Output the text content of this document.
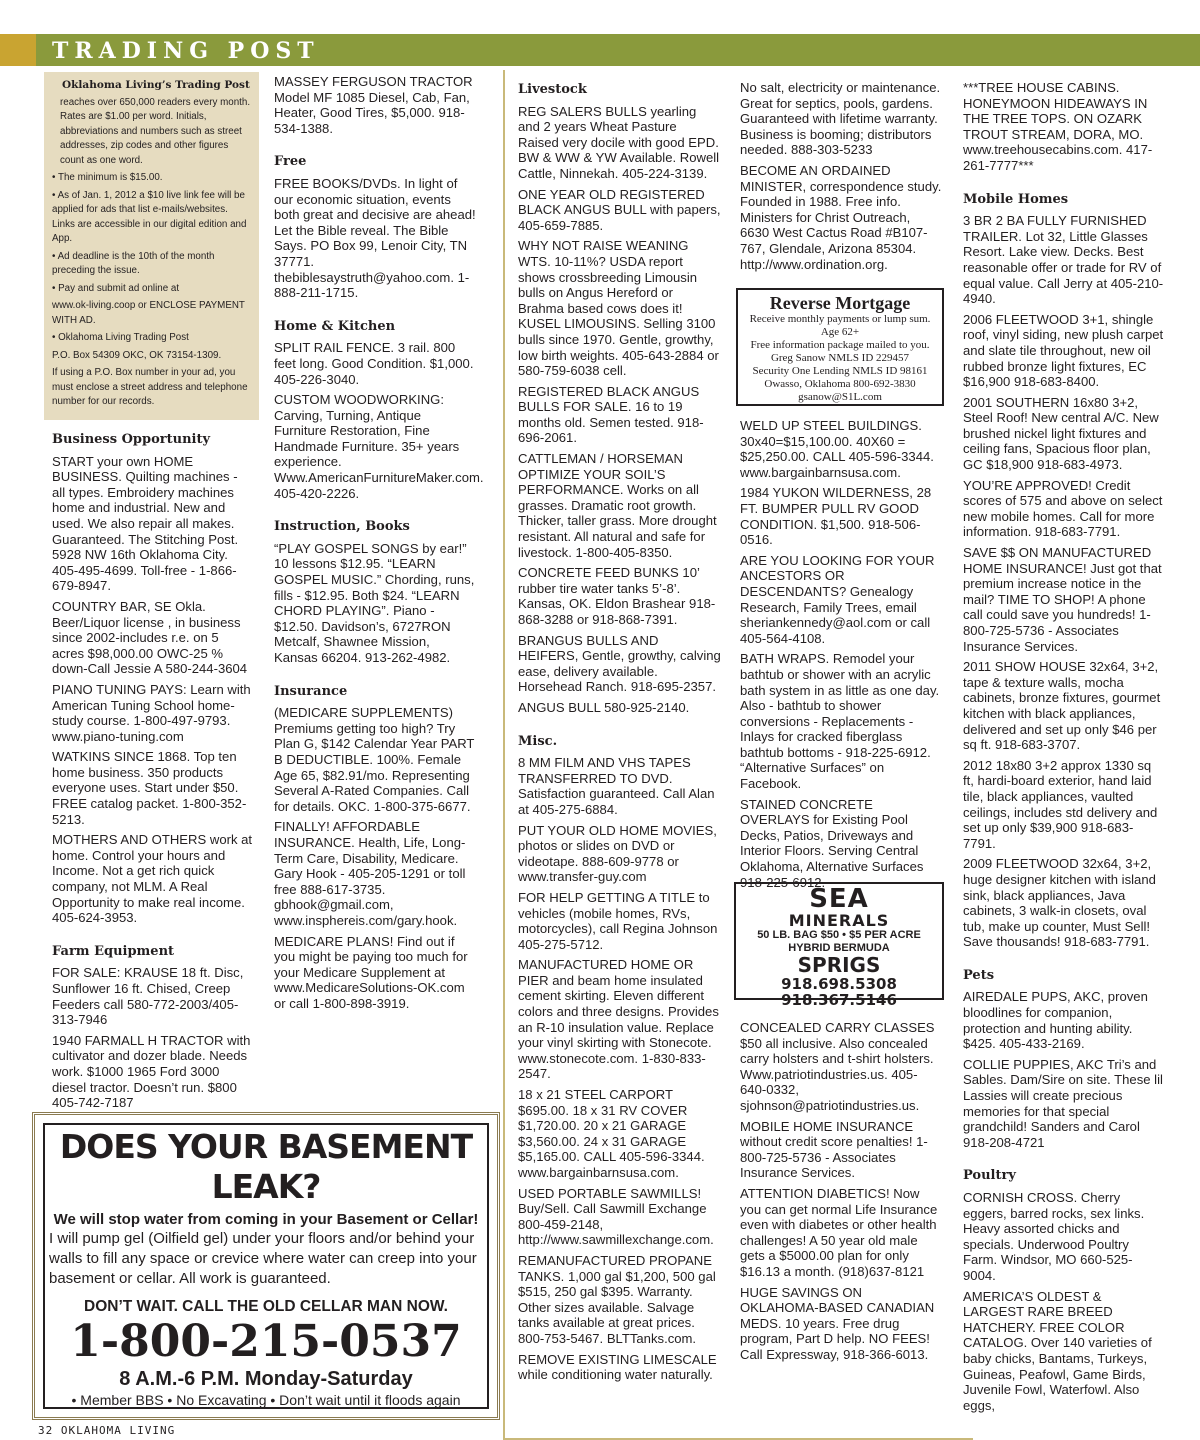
TRADING POST

Oklahoma Living’s Trading Post

reaches over 650,000 readers every month. Rates are $1.00 per word. Initials, abbreviations and numbers such as street addresses, zip codes and other figures count as one word.

• The minimum is $15.00.

• As of Jan. 1, 2012 a $10 live link fee will be applied for ads that list e-mails/websites. Links are accessible in our digital edition and App.

• Ad deadline is the 10th of the month preceding the issue.

• Pay and submit ad online at

www.ok-living.coop or ENCLOSE PAYMENT WITH AD.

• Oklahoma Living Trading Post

P.O. Box 54309 OKC, OK 73154-1309.

If using a P.O. Box number in your ad, you must enclose a street address and telephone number for our records.

Business Opportunity

START your own HOME BUSINESS. Quilting machines - all types. Embroidery machines home and industrial. New and used. We also repair all makes. Guaranteed. The Stitching Post. 5928 NW 16th Oklahoma City. 405-495-4699. Toll-free - 1-866-679-8947.

COUNTRY BAR, SE Okla. Beer/Liquor license , in business since 2002-includes r.e. on 5 acres $98,000.00 OWC-25 % down-Call Jessie A 580-244-3604

PIANO TUNING PAYS: Learn with American Tuning School home-study course. 1-800-497-9793. www.piano-tuning.com

WATKINS SINCE 1868. Top ten home business. 350 products everyone uses. Start under $50. FREE catalog packet. 1-800-352-5213.

MOTHERS AND OTHERS work at home. Control your hours and Income. Not a get rich quick company, not MLM. A Real Opportunity to make real income. 405-624-3953.

Farm Equipment

FOR SALE: KRAUSE 18 ft. Disc, Sunflower 16 ft. Chised, Creep Feeders call 580-772-2003/405-313-7946

1940 FARMALL H TRACTOR with cultivator and dozer blade. Needs work. $1000 1965 Ford 3000 diesel tractor. Doesn’t run. $800 405-742-7187

MASSEY FERGUSON TRACTOR Model MF 1085 Diesel, Cab, Fan, Heater, Good Tires, $5,000. 918-534-1388.

Free

FREE BOOKS/DVDs. In light of our economic situation, events both great and decisive are ahead! Let the Bible reveal. The Bible Says. PO Box 99, Lenoir City, TN 37771. thebiblesaystruth@yahoo.com. 1-888-211-1715.

Home & Kitchen

SPLIT RAIL FENCE. 3 rail. 800 feet long. Good Condition. $1,000. 405-226-3040.

CUSTOM WOODWORKING: Carving, Turning, Antique Furniture Restoration, Fine Handmade Furniture. 35+ years experience. Www.AmericanFurnitureMaker.com. 405-420-2226.

Instruction, Books

“PLAY GOSPEL SONGS by ear!” 10 lessons $12.95. “LEARN GOSPEL MUSIC.” Chording, runs, fills - $12.95. Both $24. “LEARN CHORD PLAYING”. Piano - $12.50. Davidson’s, 6727RON Metcalf, Shawnee Mission, Kansas 66204. 913-262-4982.

Insurance

(MEDICARE SUPPLEMENTS) Premiums getting too high? Try Plan G, $142 Calendar Year PART B DEDUCTIBLE. 100%. Female Age 65, $82.91/mo. Representing Several A-Rated Companies. Call for details. OKC. 1-800-375-6677.

FINALLY! AFFORDABLE INSURANCE. Health, Life, Long-Term Care, Disability, Medicare. Gary Hook - 405-205-1291 or toll free 888-617-3735. gbhook@gmail.com, www.insphereis.com/gary.hook.

MEDICARE PLANS! Find out if you might be paying too much for your Medicare Supplement at www.MedicareSolutions-OK.com or call 1-800-898-3919.

DOES YOUR BASEMENT LEAK?
We will stop water from coming in your Basement or Cellar!
I will pump gel (Oilfield gel) under your floors and/or behind your walls to fill any space or crevice where water can creep into your basement or cellar. All work is guaranteed.
DON’T WAIT. CALL THE OLD CELLAR MAN NOW.
1-800-215-0537
8 A.M.-6 P.M. Monday-Saturday
• Member BBS • No Excavating • Don’t wait until it floods again
Livestock

REG SALERS BULLS yearling and 2 years Wheat Pasture Raised very docile with good EPD. BW & WW & YW Available. Rowell Cattle, Ninnekah. 405-224-3139.

ONE YEAR OLD REGISTERED BLACK ANGUS BULL with papers, 405-659-7885.

WHY NOT RAISE WEANING WTS. 10-11%? USDA report shows crossbreeding Limousin bulls on Angus Hereford or Brahma based cows does it! KUSEL LIMOUSINS. Selling 3100 bulls since 1970. Gentle, growthy, low birth weights. 405-643-2884 or 580-759-6038 cell.

REGISTERED BLACK ANGUS BULLS FOR SALE. 16 to 19 months old. Semen tested. 918-696-2061.

CATTLEMAN / HORSEMAN OPTIMIZE YOUR SOIL’S PERFORMANCE. Works on all grasses. Dramatic root growth. Thicker, taller grass. More drought resistant. All natural and safe for livestock. 1-800-405-8350.

CONCRETE FEED BUNKS 10’ rubber tire water tanks 5’-8’. Kansas, OK. Eldon Brashear 918-868-3288 or 918-868-7391.

BRANGUS BULLS AND HEIFERS, Gentle, growthy, calving ease, delivery available. Horsehead Ranch. 918-695-2357.

ANGUS BULL 580-925-2140.

Misc.

8 MM FILM AND VHS TAPES TRANSFERRED TO DVD. Satisfaction guaranteed. Call Alan at 405-275-6884.

PUT YOUR OLD HOME MOVIES, photos or slides on DVD or videotape. 888-609-9778 or www.transfer-guy.com

FOR HELP GETTING A TITLE to vehicles (mobile homes, RVs, motorcycles), call Regina Johnson 405-275-5712.

MANUFACTURED HOME OR PIER and beam home insulated cement skirting. Eleven different colors and three designs. Provides an R-10 insulation value. Replace your vinyl skirting with Stonecote. www.stonecote.com. 1-830-833-2547.

18 x 21 STEEL CARPORT $695.00. 18 x 31 RV COVER $1,720.00. 20 x 21 GARAGE $3,560.00. 24 x 31 GARAGE $5,165.00. CALL 405-596-3344. www.bargainbarnsusa.com.

USED PORTABLE SAWMILLS! Buy/Sell. Call Sawmill Exchange 800-459-2148, http://www.sawmillexchange.com.

REMANUFACTURED PROPANE TANKS. 1,000 gal $1,200, 500 gal $515, 250 gal $395. Warranty. Other sizes available. Salvage tanks available at great prices. 800-753-5467. BLTTanks.com.

REMOVE EXISTING LIMESCALE while conditioning water naturally.

No salt, electricity or maintenance. Great for septics, pools, gardens. Guaranteed with lifetime warranty. Business is booming; distributors needed. 888-303-5233

BECOME AN ORDAINED MINISTER, correspondence study. Founded in 1988. Free info. Ministers for Christ Outreach, 6630 West Cactus Road #B107-767, Glendale, Arizona 85304. http://www.ordination.org.

Reverse Mortgage
Receive monthly payments or lump sum.
Age 62+
Free information package mailed to you.
Greg Sanow NMLS ID 229457
Security One Lending NMLS ID 98161
Owasso, Oklahoma 800-692-3830
gsanow@S1L.com

WELD UP STEEL BUILDINGS. 30x40=$15,100.00. 40X60 = $25,250.00. CALL 405-596-3344. www.bargainbarnsusa.com.

1984 YUKON WILDERNESS, 28 FT. BUMPER PULL RV GOOD CONDITION. $1,500. 918-506-0516.

ARE YOU LOOKING FOR YOUR ANCESTORS OR DESCENDANTS? Genealogy Research, Family Trees, email sheriankennedy@aol.com or call 405-564-4108.

BATH WRAPS. Remodel your bathtub or shower with an acrylic bath system in as little as one day. Also - bathtub to shower conversions - Replacements - Inlays for cracked fiberglass bathtub bottoms - 918-225-6912. “Alternative Surfaces” on Facebook.

STAINED CONCRETE OVERLAYS for Existing Pool Decks, Patios, Driveways and Interior Floors. Serving Central Oklahoma, Alternative Surfaces 918-225-6912.

SEA
MINERALS
50 LB. BAG $50 • $5 PER ACRE
HYBRID BERMUDA
SPRIGS
918.698.5308
918.367.5146

CONCEALED CARRY CLASSES $50 all inclusive. Also concealed carry holsters and t-shirt holsters. Www.patriotindustries.us. 405-640-0332, sjohnson@patriotindustries.us.

MOBILE HOME INSURANCE without credit score penalties! 1-800-725-5736 - Associates Insurance Services.

ATTENTION DIABETICS! Now you can get normal Life Insurance even with diabetes or other health challenges! A 50 year old male gets a $5000.00 plan for only $16.13 a month. (918)637-8121

HUGE SAVINGS ON OKLAHOMA-BASED CANADIAN MEDS. 10 years. Free drug program, Part D help. NO FEES! Call Expressway, 918-366-6013.

***TREE HOUSE CABINS. HONEYMOON HIDEAWAYS IN THE TREE TOPS. ON OZARK TROUT STREAM, DORA, MO. www.treehousecabins.com. 417-261-7777***

Mobile Homes

3 BR 2 BA FULLY FURNISHED TRAILER. Lot 32, Little Glasses Resort. Lake view. Decks. Best reasonable offer or trade for RV of equal value. Call Jerry at 405-210-4940.

2006 FLEETWOOD 3+1, shingle roof, vinyl siding, new plush carpet and slate tile throughout, new oil rubbed bronze light fixtures, EC $16,900 918-683-8400.

2001 SOUTHERN 16x80 3+2, Steel Roof! New central A/C. New brushed nickel light fixtures and ceiling fans, Spacious floor plan, GC $18,900 918-683-4973.

YOU’RE APPROVED! Credit scores of 575 and above on select new mobile homes. Call for more information. 918-683-7791.

SAVE $$ ON MANUFACTURED HOME INSURANCE! Just got that premium increase notice in the mail? TIME TO SHOP! A phone call could save you hundreds! 1-800-725-5736 - Associates Insurance Services.

2011 SHOW HOUSE 32x64, 3+2, tape & texture walls, mocha cabinets, bronze fixtures, gourmet kitchen with black appliances, delivered and set up only $46 per sq ft. 918-683-3707.

2012 18x80 3+2 approx 1330 sq ft, hardi-board exterior, hand laid tile, black appliances, vaulted ceilings, includes std delivery and set up only $39,900 918-683-7791.

2009 FLEETWOOD 32x64, 3+2, huge designer kitchen with island sink, black appliances, Java cabinets, 3 walk-in closets, oval tub, make up counter, Must Sell! Save thousands! 918-683-7791.

Pets

AIREDALE PUPS, AKC, proven bloodlines for companion, protection and hunting ability. $425. 405-433-2169.

COLLIE PUPPIES, AKC Tri’s and Sables. Dam/Sire on site. These lil Lassies will create precious memories for that special grandchild! Sanders and Carol 918-208-4721

Poultry

CORNISH CROSS. Cherry eggers, barred rocks, sex links. Heavy assorted chicks and specials. Underwood Poultry Farm. Windsor, MO 660-525-9004.

AMERICA’S OLDEST & LARGEST RARE BREED HATCHERY. FREE COLOR CATALOG. Over 140 varieties of baby chicks, Bantams, Turkeys, Guineas, Peafowl, Game Birds, Juvenile Fowl, Waterfowl. Also eggs,

32 OKLAHOMA LIVING
